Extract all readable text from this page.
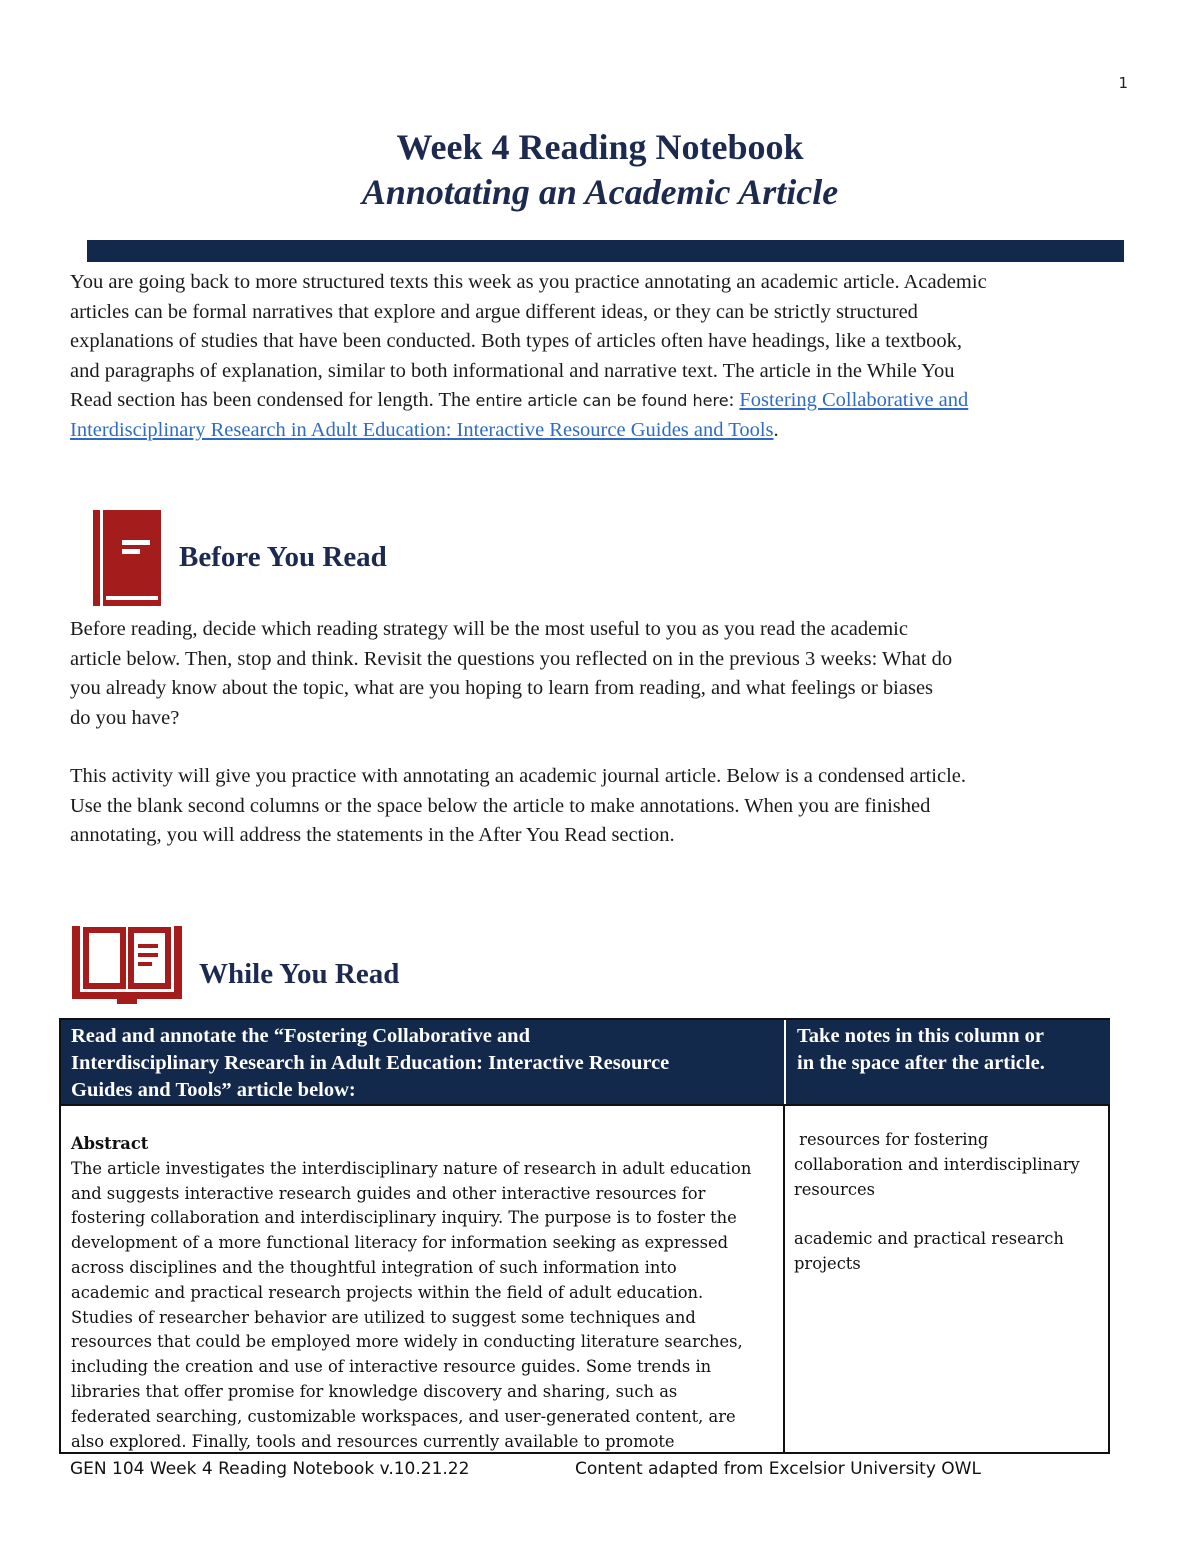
1
Week 4 Reading Notebook
Annotating an Academic Article
You are going back to more structured texts this week as you practice annotating an academic article. Academic
articles can be formal narratives that explore and argue different ideas, or they can be strictly structured
explanations of studies that have been conducted. Both types of articles often have headings, like a textbook,
and paragraphs of explanation, similar to both informational and narrative text. The article in the While You
Read section has been condensed for length. The entire article can be found here: Fostering Collaborative and
Interdisciplinary Research in Adult Education: Interactive Resource Guides and Tools.
Before You Read
Before reading, decide which reading strategy will be the most useful to you as you read the academic
article below. Then, stop and think. Revisit the questions you reflected on in the previous 3 weeks: What do
you already know about the topic, what are you hoping to learn from reading, and what feelings or biases
do you have?
This activity will give you practice with annotating an academic journal article. Below is a condensed article.
Use the blank second columns or the space below the article to make annotations. When you are finished
annotating, you will address the statements in the After You Read section.
While You Read
Read and annotate the “Fostering Collaborative and
Interdisciplinary Research in Adult Education: Interactive Resource
Guides and Tools” article below:
Take notes in this column or
in the space after the article.
Abstract
The article investigates the interdisciplinary nature of research in adult education
and suggests interactive research guides and other interactive resources for
fostering collaboration and interdisciplinary inquiry. The purpose is to foster the
development of a more functional literacy for information seeking as expressed
across disciplines and the thoughtful integration of such information into
academic and practical research projects within the field of adult education.
Studies of researcher behavior are utilized to suggest some techniques and
resources that could be employed more widely in conducting literature searches,
including the creation and use of interactive resource guides. Some trends in
libraries that offer promise for knowledge discovery and sharing, such as
federated searching, customizable workspaces, and user-generated content, are
also explored. Finally, tools and resources currently available to promote
resources for fostering
collaboration and interdisciplinary
resources
academic and practical research
projects
GEN 104 Week 4 Reading Notebook v.10.21.22	Content adapted from Excelsior University OWL
